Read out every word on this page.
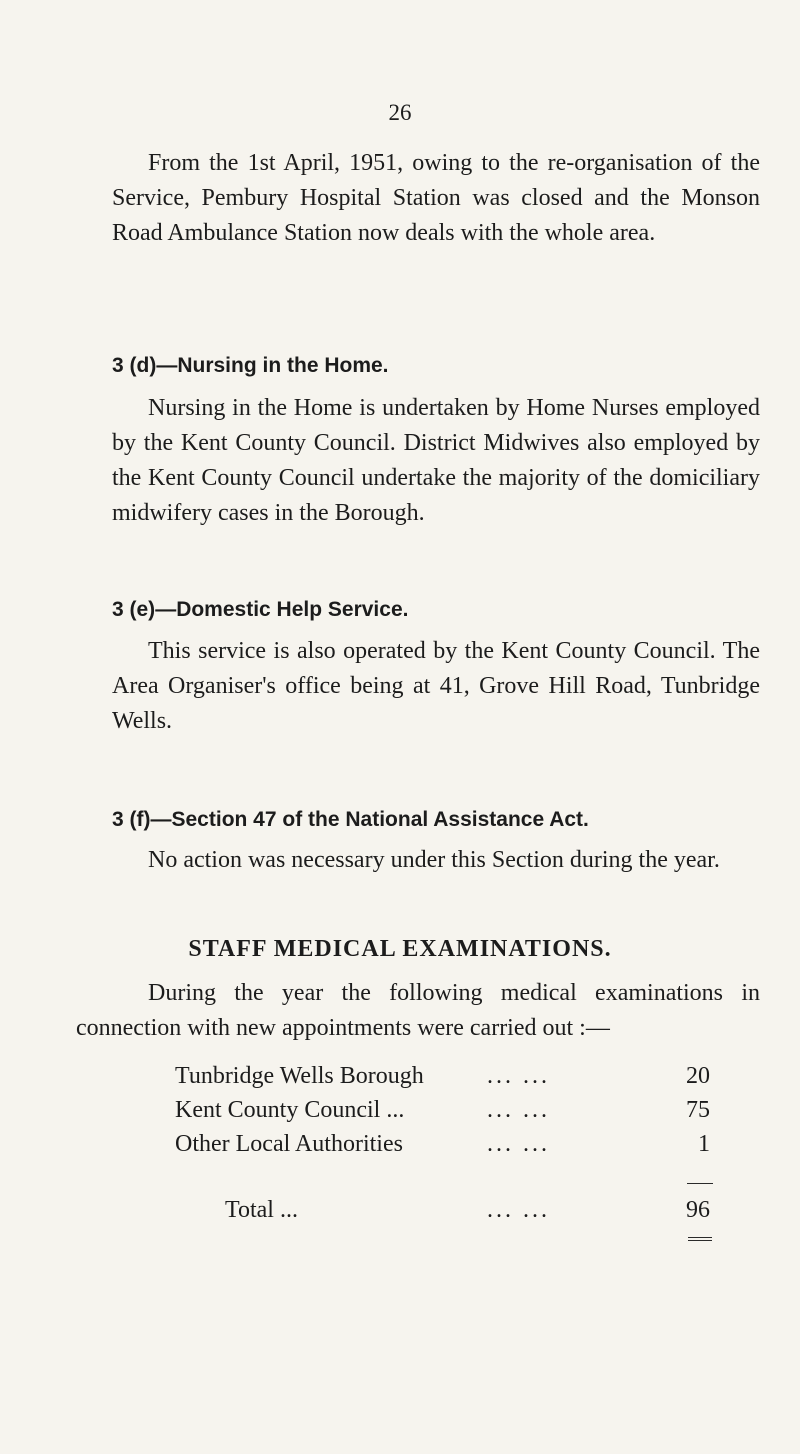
26

From the 1st April, 1951, owing to the re-organisation of the Service, Pembury Hospital Station was closed and the Monson Road Ambulance Station now deals with the whole area.

3 (d)—Nursing in the Home.

Nursing in the Home is undertaken by Home Nurses employed by the Kent County Council. District Midwives also employed by the Kent County Council undertake the majority of the domiciliary midwifery cases in the Borough.

3 (e)—Domestic Help Service.

This service is also operated by the Kent County Council. The Area Organiser's office being at 41, Grove Hill Road, Tunbridge Wells.

3 (f)—Section 47 of the National Assistance Act.

No action was necessary under this Section during the year.

STAFF MEDICAL EXAMINATIONS.

During the year the following medical examinations in connection with new appointments were carried out :—

Tunbridge Wells Borough	... ...	20
Kent County Council ...	... ...	75
Other Local Authorities	... ...	1
Total ...	... ...	96
